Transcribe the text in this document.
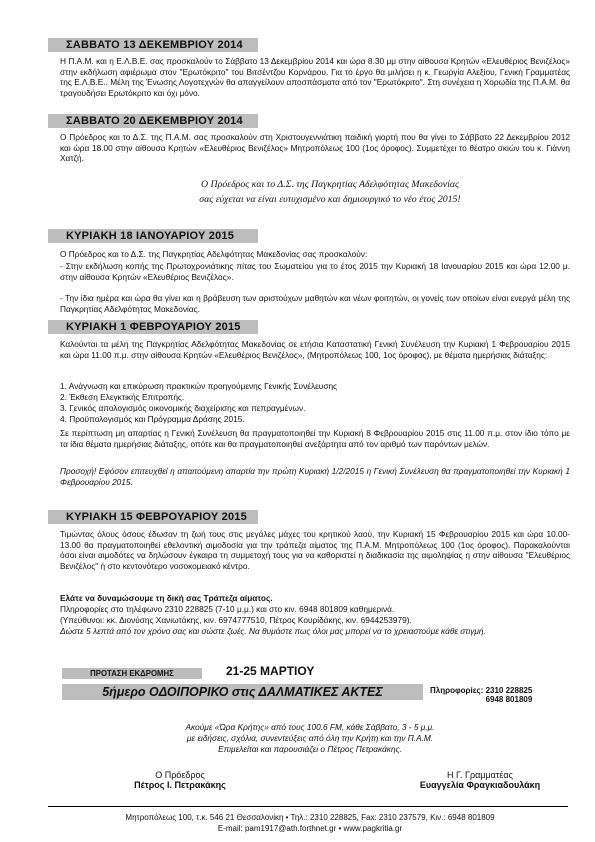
ΣΑΒΒΑΤΟ 13 ΔΕΚΕΜΒΡΙΟΥ 2014
Η Π.Α.Μ. και η Ε.Λ.Β.Ε. σας προσκαλούν το Σάββατο 13 Δεκεμβρίου 2014 και ώρα 8.30 μμ στην αίθουσα Κρητών «Ελευθέριος Βενιζέλος» στην εκδήλωση αφιέρωμα στον "Ερωτόκριτο" του Βιτσέντζου Κορνάρου. Για το έργο θα μιλήσει η κ. Γεωργία Αλεξίου, Γενική Γραμματέας της Ε.Λ.Β.Ε.. Μέλη της Ένωσης Λογοτεχνών θα απαγγείλουν αποσπάσματα από τον "Ερωτόκριτο". Στη συνέχεια η Χορωδία της Π.Α.Μ. θα τραγουδήσει Ερωτόκριτο και όχι μόνο.
ΣΑΒΒΑΤΟ 20 ΔΕΚΕΜΒΡΙΟΥ 2014
Ο Πρόεδρος και το Δ.Σ. της Π.Α.Μ. σας προσκαλούν στη Χριστουγεννιάτικη παιδική γιορτή που θα γίνει το Σάββατο 22 Δεκεμβρίου 2012 και ώρα 18.00 στην αίθουσα Κρητών «Ελευθέριος Βενιζέλος» Μητροπόλεως 100 (1ος όροφος). Συμμετέχει το θέατρο σκιών του κ. Γιάννη Χατζή.
Ο Πρόεδρος και το Δ.Σ. της Παγκρητίας Αδελφότητας Μακεδονίας
σας εύχεται να είναι ευτυχισμένο και δημιουργικό το νέο έτος 2015!
ΚΥΡΙΑΚΗ 18 ΙΑΝΟΥΑΡΙΟΥ 2015
Ο Πρόεδρος και το Δ.Σ. της Παγκρητίας Αδελφότητας Μακεδονίας σας προσκαλούν:
- Στην εκδήλωση κοπής της Πρωτοχρονιάτικης πίτας του Σωματείου για το έτος 2015 την Κυριακή 18 Ιανουαρίου 2015 και ώρα 12.00 μ. στην αίθουσα Κρητών «Ελευθέριος Βενιζέλος».
- Την ίδια ημέρα και ώρα θα γίνει και η βράβευση των αριστούχων μαθητών και νέων φοιτητών, οι γονείς των οποίων είναι ενεργά μέλη της Παγκρητίας Αδελφότητας Μακεδονίας.
ΚΥΡΙΑΚΗ 1 ΦΕΒΡΟΥΑΡΙΟΥ 2015
Καλούνται τα μέλη της Παγκρητίας Αδελφότητας Μακεδονίας σε ετήσια Καταστατική Γενική Συνέλευση την Κυριακή 1 Φεβρουαρίου 2015 και ώρα 11.00 π.μ. στην αίθουσα Κρητών «Ελευθέριος Βενιζέλος», (Μητροπόλεως 100, 1ος όροφος), με θέματα ημερήσιας διάταξης:
1. Ανάγνωση και επικύρωση πρακτικών προηγούμενης Γενικής Συνέλευσης
2. Έκθεση Ελεγκτικής Επιτροπής.
3. Γενικός απολογισμός οικονομικής διαχείρισης και πεπραγμένων.
4. Προϋπολογισμός και Πρόγραμμα Δράσης 2015.
Σε περίπτωση μη απαρτίας η Γενική Συνέλευση θα πραγματοποιηθεί την Κυριακή 8 Φεβρουαρίου 2015 στις 11.00 π.μ. στον ίδιο τόπο με τα ίδια θέματα ημερήσιας διάταξης, οπότε και θα πραγματοποιηθεί ανεξάρτητα από τον αριθμό των παρόντων μελών.
Προσοχή! Εφόσον επιτευχθεί η απαιτούμενη απαρτία την πρώτη Κυριακή 1/2/2015 η Γενική Συνέλευση θα πραγματοποιηθεί την Κυριακή 1 Φεβρουαρίου 2015.
ΚΥΡΙΑΚΗ 15 ΦΕΒΡΟΥΑΡΙΟΥ 2015
Τιμώντας όλους όσους έδωσαν τη ζωή τους στις μεγάλες μάχες του κρητικού λαού, την Κυριακή 15 Φεβρουαρίου 2015 και ώρα 10.00-13.00 θα πραγματοποιηθεί εθελοντική αιμοδοσία για την τράπεζα αίματος της Π.Α.Μ. Μητροπόλεως 100 (1ος όροφος). Παρακαλούνται όσοι είναι αιμοδότες να δηλώσουν έγκαιρα τη συμμετοχή τους για να καθοριστεί η διαδικασία της αιμοληψίας η στην αίθουσα "Ελευθέριος Βενιζέλος" ή στο κεντονότερο νοσοκομειακό κέντρο.
Ελάτε να δυναμώσουμε τη δική σας Τράπεζα αίματος.
Πληροφορίες στο τηλέφωνο 2310 228825 (7-10 μ.μ.) και στο κιν. 6948 801809 καθημερινά.
(Υπεύθυνοι: κκ. Διονύσης Χανιωτάκης, κιν. 6974777510, Πέτρος Κουρίδάκης, κιν. 6944253979).
Δώστε 5 λεπτά από τον χρόνο σας και σώστε ζωές. Να θυμάστε πως όλοι μας μπορεί να το χρειαστούμε κάθε στιγμή.
ΠΡΟΤΑΣΗ ΕΚΔΡΟΜΗΣ	21-25 ΜΑΡΤΙΟΥ
5ήμερο ΟΔΟΙΠΟΡΙΚΟ στις ΔΑΛΜΑΤΙΚΕΣ ΑΚΤΕΣ	Πληροφορίες: 2310 228825
6948 801809
Ακούμε «Ώρα Κρήτης» από τους 100.6 FM, κάθε Σάββατο, 3 - 5 μ.μ.
με ειδήσεις, σχόλια, συνεντεύξεις από όλη την Κρήτη και την Π.Α.Μ.
Επιμελείται και παρουσιάζει ο Πέτρος Πετρακάκης.
Ο Πρόεδρος
Πέτρος Ι. Πετρακάκης
Η Γ. Γραμματέας
Ευαγγελία Φραγκιαδουλάκη
Μητροπόλεως 100, τ.κ. 546 21 Θεσσαλονίκη • Τηλ.: 2310 228825, Fax: 2310 237579, Κιν.: 6948 801809
E-mail: pam1917@ath.forthnet.gr • www.pagkritia.gr
